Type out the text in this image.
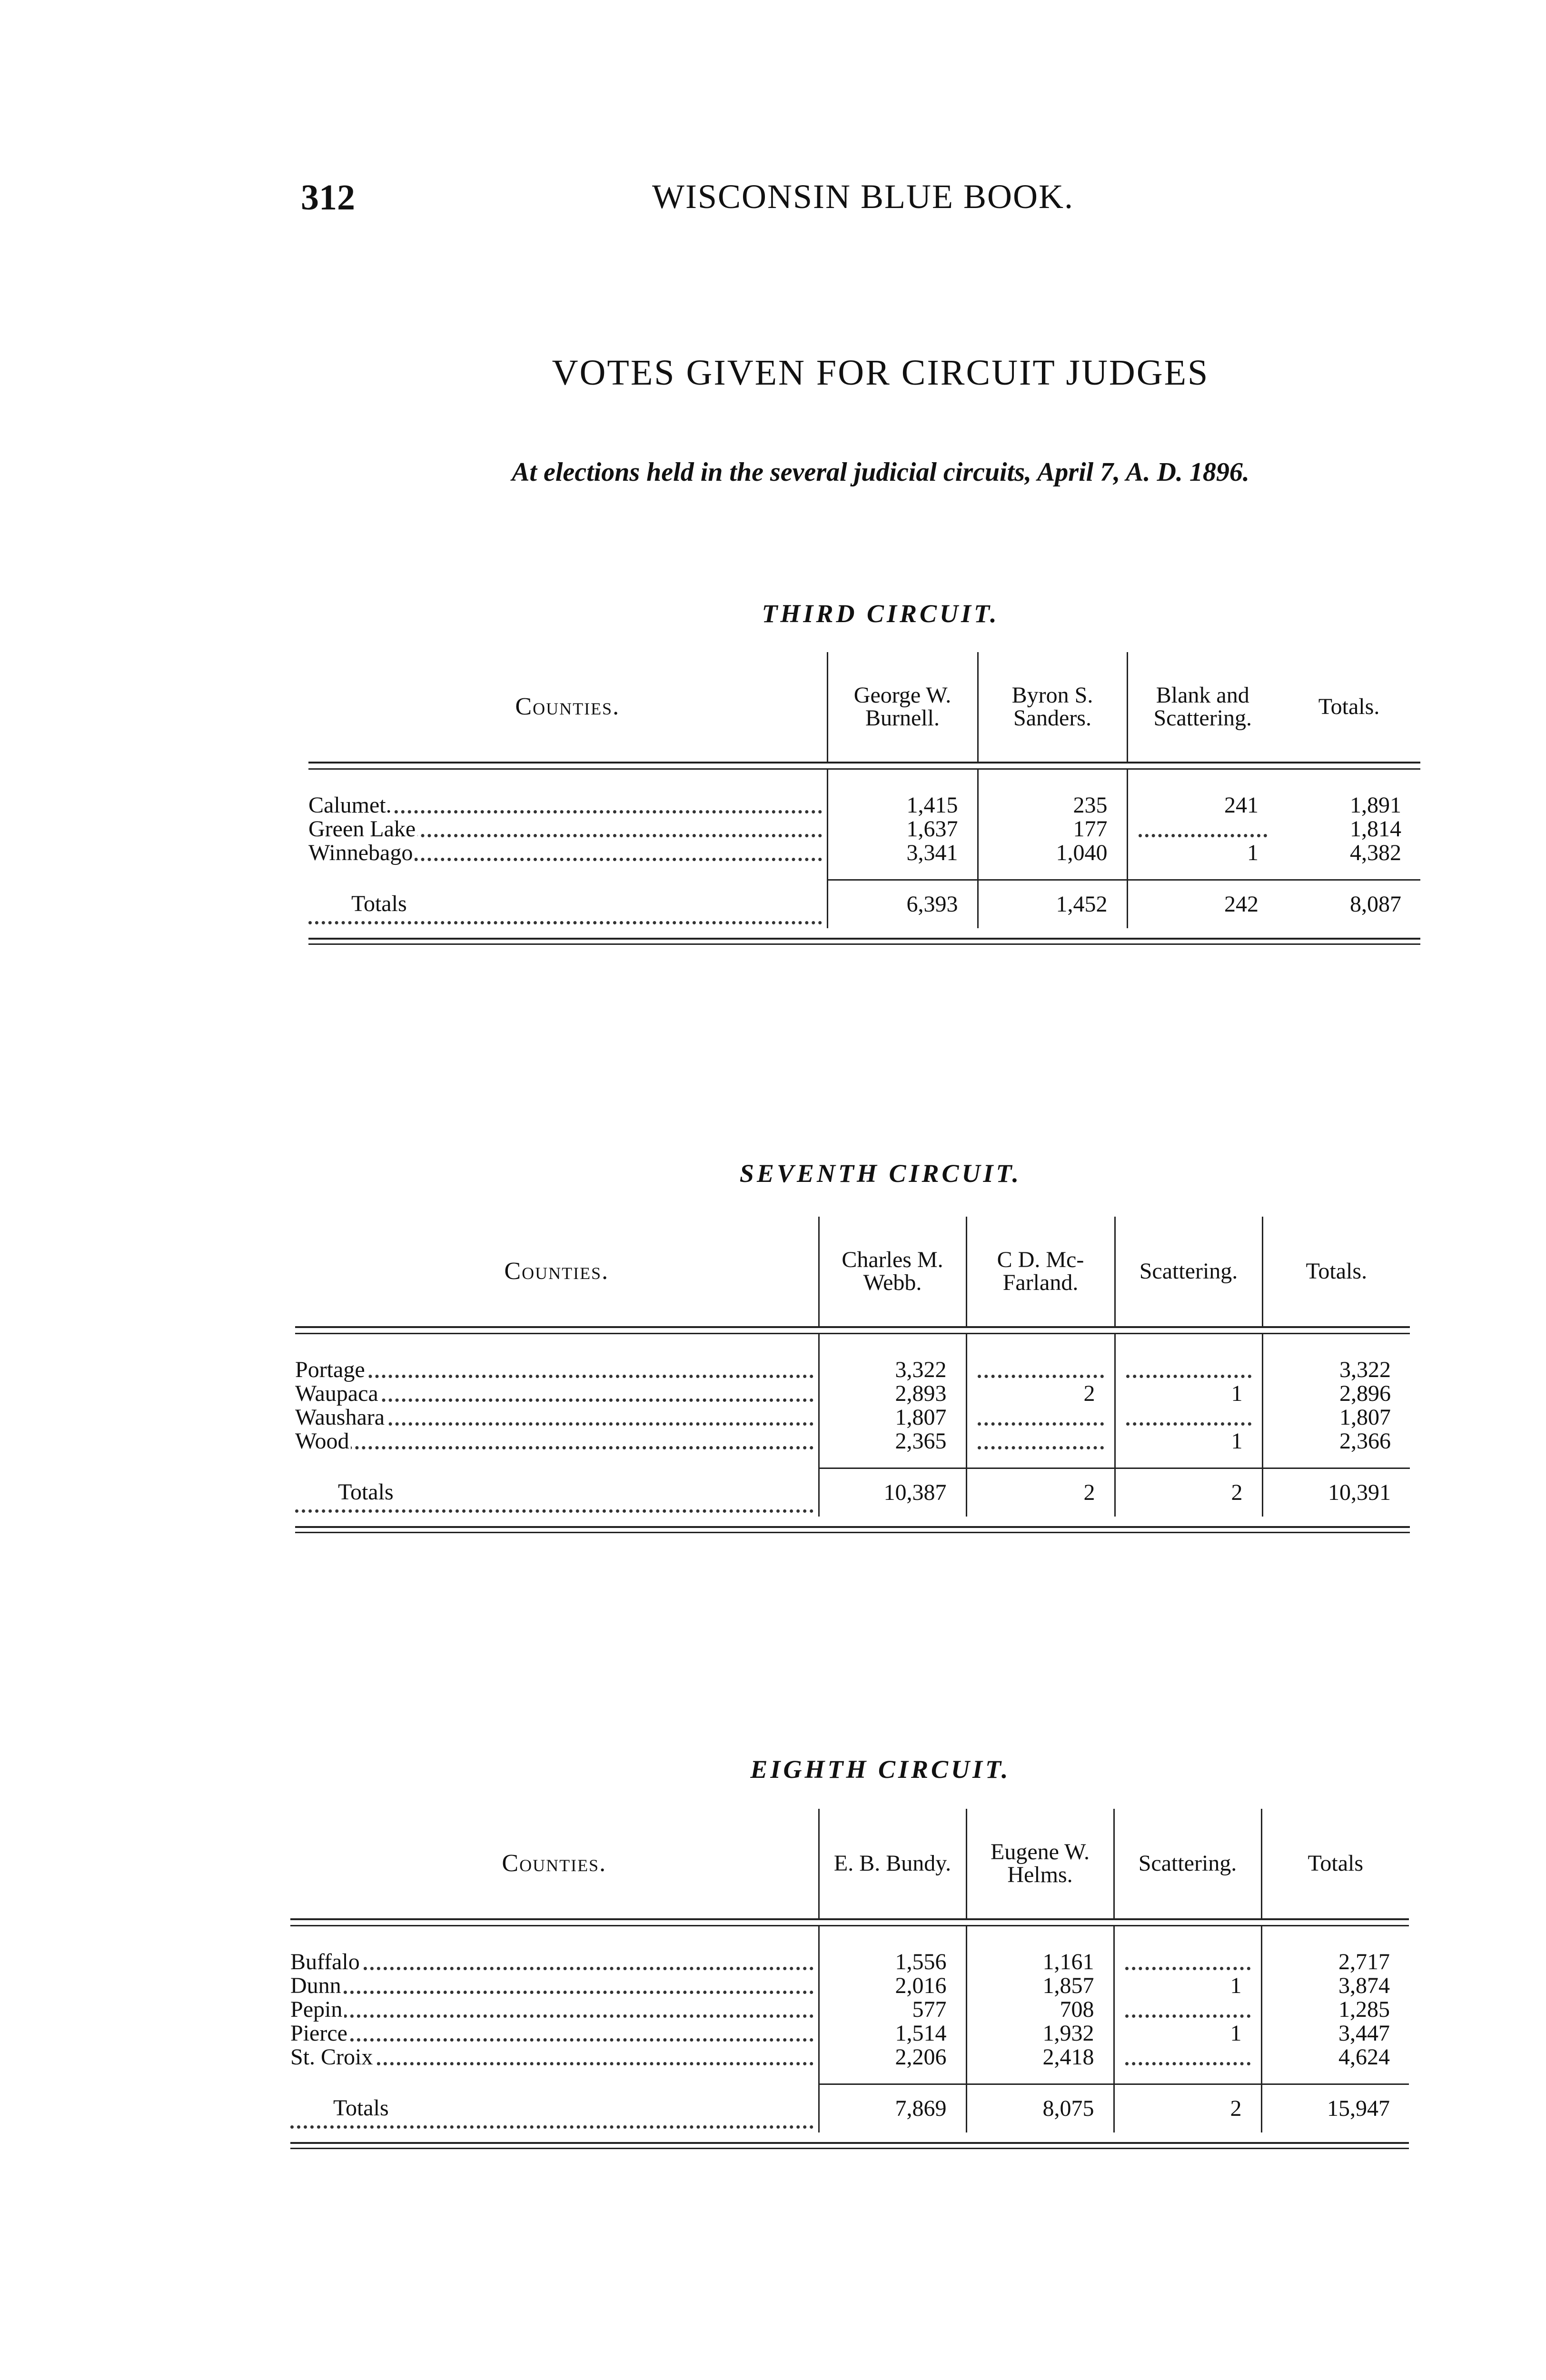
312	WISCONSIN BLUE BOOK.
VOTES GIVEN FOR CIRCUIT JUDGES
At elections held in the several judicial circuits, April 7, A. D. 1896.
THIRD CIRCUIT.

Counties.	George W. Burnell.	Byron S. Sanders.	Blank and Scattering.	Totals.

Calumet.	1,415	235	241	1,891

Green Lake	1,637	177		1,814

Winnebago	3,341	1,040	1	4,382

Totals	6,393	1,452	242	8,087

SEVENTH CIRCUIT.

Counties.	Charles M. Webb.	C D. Mc-Farland.	Scattering.	Totals.

Portage	3,322			3,322

Waupaca	2,893	2	1	2,896

Waushara	1,807			1,807

Wood	2,365		1	2,366

Totals	10,387	2	2	10,391

EIGHTH CIRCUIT.

Counties.	E. B. Bundy.	Eugene W. Helms.	Scattering.	Totals

Buffalo	1,556	1,161		2,717

Dunn	2,016	1,857	1	3,874

Pepin	577	708		1,285

Pierce	1,514	1,932	1	3,447

St. Croix	2,206	2,418		4,624

Totals	7,869	8,075	2	15,947
